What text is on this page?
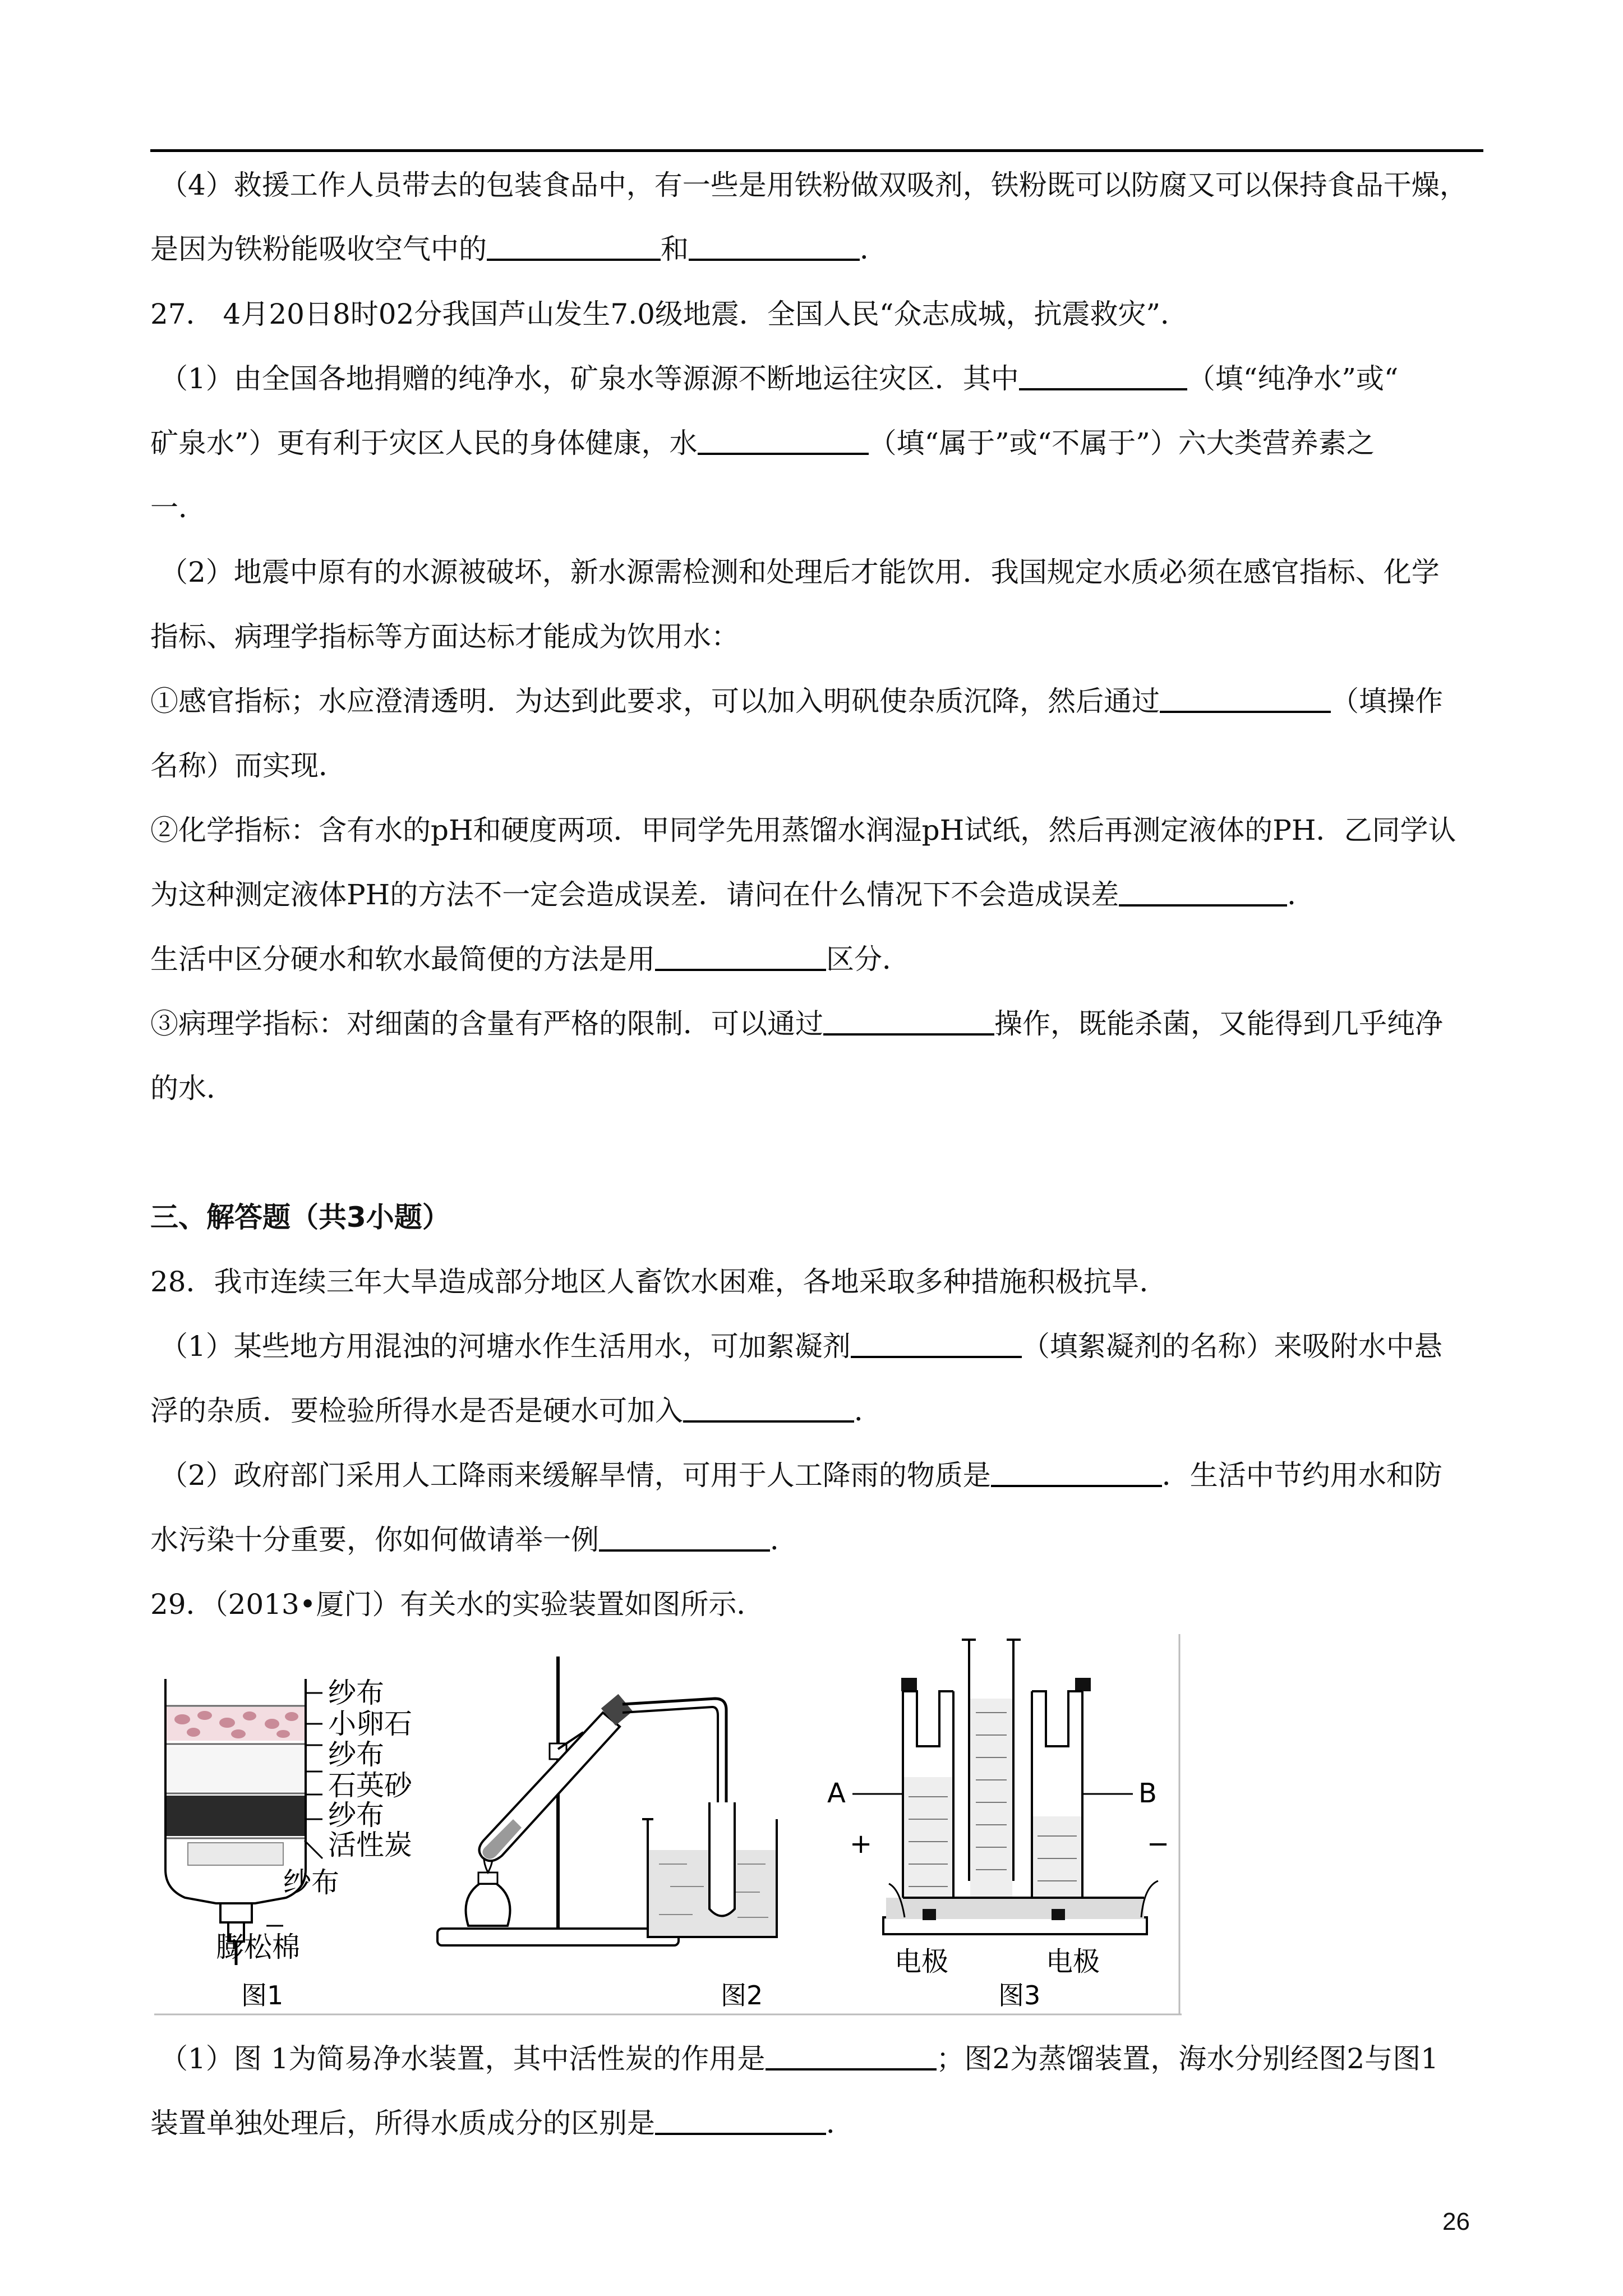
（4）救援工作人员带去的包装食品中，有一些是用铁粉做双吸剂，铁粉既可以防腐又可以保持食品干燥，
是因为铁粉能吸收空气中的	和	．
27． 4月20日8时02分我国芦山发生7.0级地震．全国人民“众志成城，抗震救灾”．
（1）由全国各地捐赠的纯净水，矿泉水等源源不断地运往灾区．其中	（填“纯净水”或“
矿泉水”）更有利于灾区人民的身体健康，水	（填“属于”或“不属于”）六大类营养素之
一．
（2）地震中原有的水源被破坏，新水源需检测和处理后才能饮用．我国规定水质必须在感官指标、化学
指标、病理学指标等方面达标才能成为饮用水：
①感官指标；水应澄清透明．为达到此要求，可以加入明矾使杂质沉降，然后通过	（填操作
名称）而实现．
②化学指标：含有水的pH和硬度两项．甲同学先用蒸馏水润湿pH试纸，然后再测定液体的PH．乙同学认
为这种测定液体PH的方法不一定会造成误差．请问在什么情况下不会造成误差	．
生活中区分硬水和软水最简便的方法是用	区分．
③病理学指标：对细菌的含量有严格的限制．可以通过	操作，既能杀菌，又能得到几乎纯净
的水．
三、解答题（共3小题）
28．我市连续三年大旱造成部分地区人畜饮水困难，各地采取多种措施积极抗旱．
（1）某些地方用混浊的河塘水作生活用水，可加絮凝剂	（填絮凝剂的名称）来吸附水中悬
浮的杂质．要检验所得水是否是硬水可加入	．
（2）政府部门采用人工降雨来缓解旱情，可用于人工降雨的物质是	．生活中节约用水和防
水污染十分重要，你如何做请举一例	．
29．（2013•厦门）有关水的实验装置如图所示．
纱布
小卵石
纱布
石英砂
纱布
活性炭
纱布
膨松棉
图1	图2
A	B
+	−
电极	电极
图3
（1）图 1为简易净水装置，其中活性炭的作用是	；图2为蒸馏装置，海水分别经图2与图1
装置单独处理后，所得水质成分的区别是	．
26
